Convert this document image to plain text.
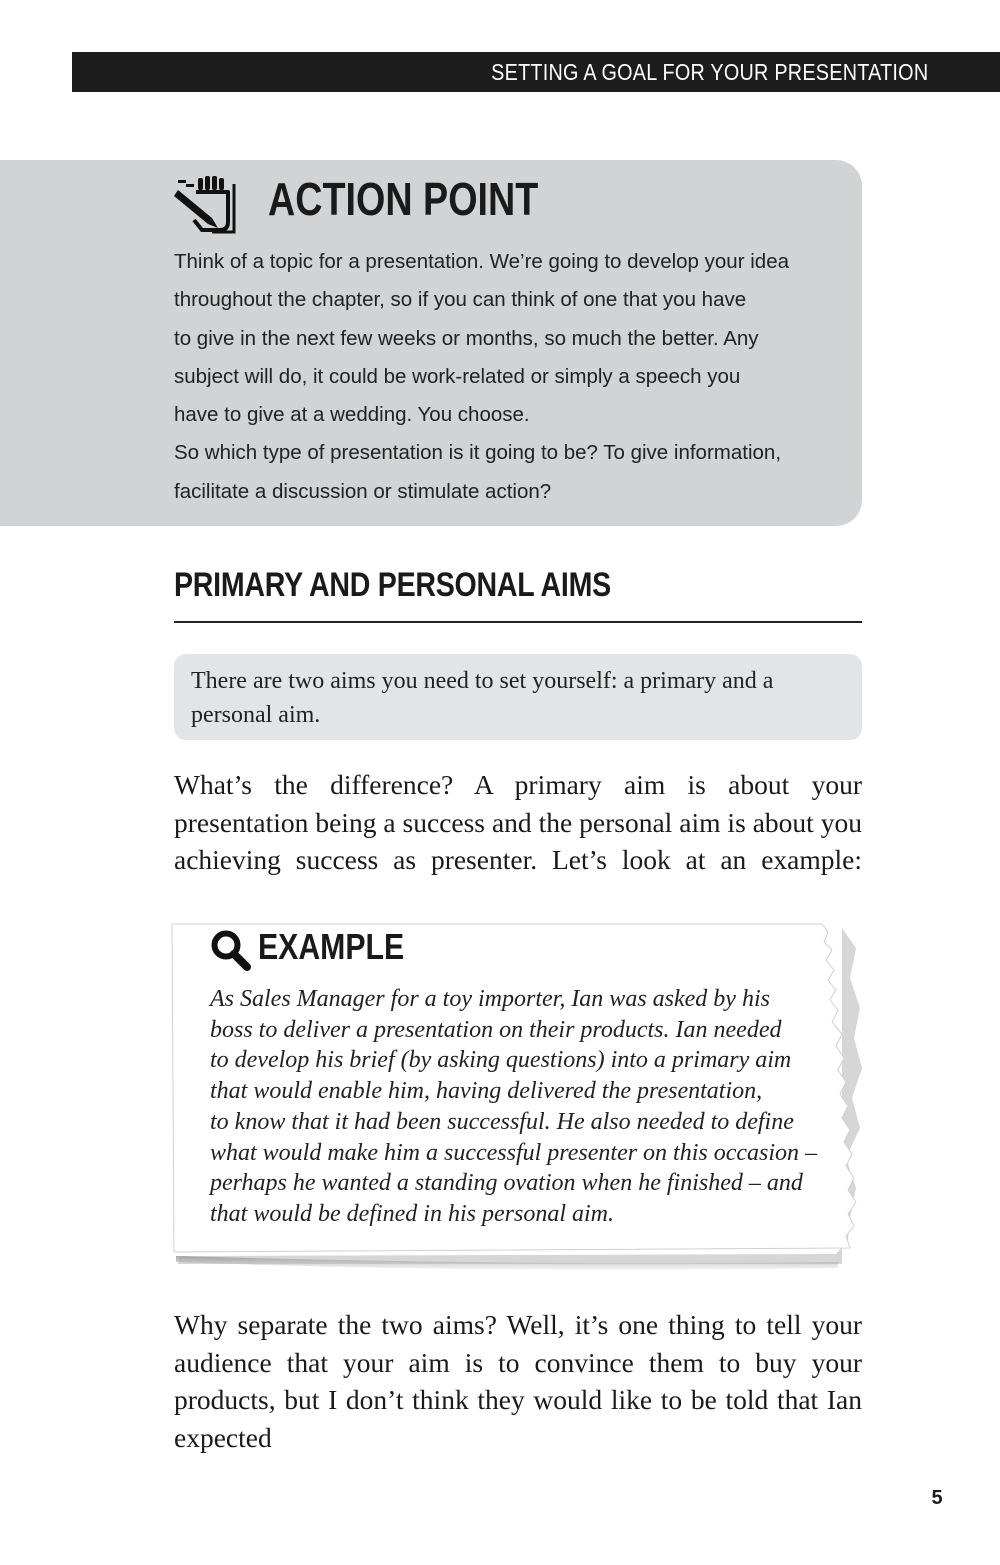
SETTING A GOAL FOR YOUR PRESENTATION
ACTION POINT

Think of a topic for a presentation. We’re going to develop your idea

throughout the chapter, so if you can think of one that you have

to give in the next few weeks or months, so much the better. Any

subject will do, it could be work-related or simply a speech you

have to give at a wedding. You choose.

So which type of presentation is it going to be? To give information,

facilitate a discussion or stimulate action?

PRIMARY AND PERSONAL AIMS
There are two aims you need to set yourself: a primary and a personal aim.
What’s the difference? A primary aim is about your presentation being a success and the personal aim is about you achieving success as presenter. Let’s look at an example:
EXAMPLE
As Sales Manager for a toy importer, Ian was asked by his
boss to deliver a presentation on their products. Ian needed
to develop his brief (by asking questions) into a primary aim
that would enable him, having delivered the presentation,
to know that it had been successful. He also needed to define
what would make him a successful presenter on this occasion –
perhaps he wanted a standing ovation when he finished – and
that would be defined in his personal aim.
Why separate the two aims? Well, it’s one thing to tell your audience that your aim is to convince them to buy your products, but I don’t think they would like to be told that Ian expected
5
